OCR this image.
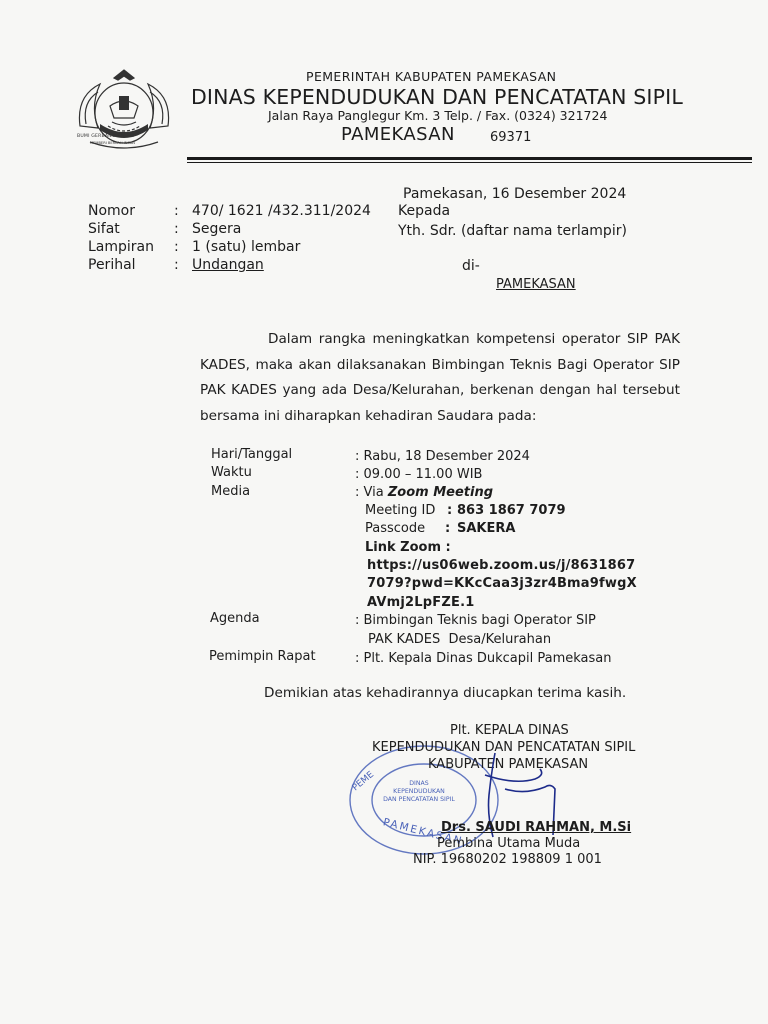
BUMI GERBANG SALAM
MEMBERI BERKAH INSAN
PEMERINTAH KABUPATEN PAMEKASAN
DINAS KEPENDUDUKAN DAN PENCATATAN SIPIL
Jalan Raya Panglegur Km. 3 Telp. / Fax. (0324) 321724
PAMEKASAN	69371
Pamekasan, 16 Desember 2024
Kepada
Yth. Sdr. (daftar nama terlampir)
di-
PAMEKASAN
Nomor	: 470/ 1621 /432.311/2024
Sifat	: Segera
Lampiran : 1 (satu) lembar
Perihal	: Undangan
Dalam rangka meningkatkan kompetensi operator SIP PAK KADES, maka akan dilaksanakan Bimbingan Teknis Bagi Operator SIP PAK KADES yang ada Desa/Kelurahan, berkenan dengan hal tersebut bersama ini diharapkan kehadiran Saudara pada:
Hari/Tanggal	: Rabu, 18 Desember 2024
Waktu	: 09.00 – 11.00 WIB
Media	: Via Zoom Meeting
Meeting ID : 863 1867 7079
Passcode : SAKERA
Link Zoom :
https://us06web.zoom.us/j/8631867
7079?pwd=KKcCaa3j3zr4Bma9fwgX
AVmj2LpFZE.1
Agenda	: Bimbingan Teknis bagi Operator SIP
PAK KADES  Desa/Kelurahan
Pemimpin Rapat	: Plt. Kepala Dinas Dukcapil Pamekasan
Demikian atas kehadirannya diucapkan terima kasih.
PEME	DINAS
KEPENDUDUKAN
DAN PENCATATAN SIPIL
PAMEKASAN
Plt. KEPALA DINAS
KEPENDUDUKAN DAN PENCATATAN SIPIL
KABUPATEN PAMEKASAN
Drs. SAUDI RAHMAN, M.Si
Pembina Utama Muda
NIP. 19680202 198809 1 001
